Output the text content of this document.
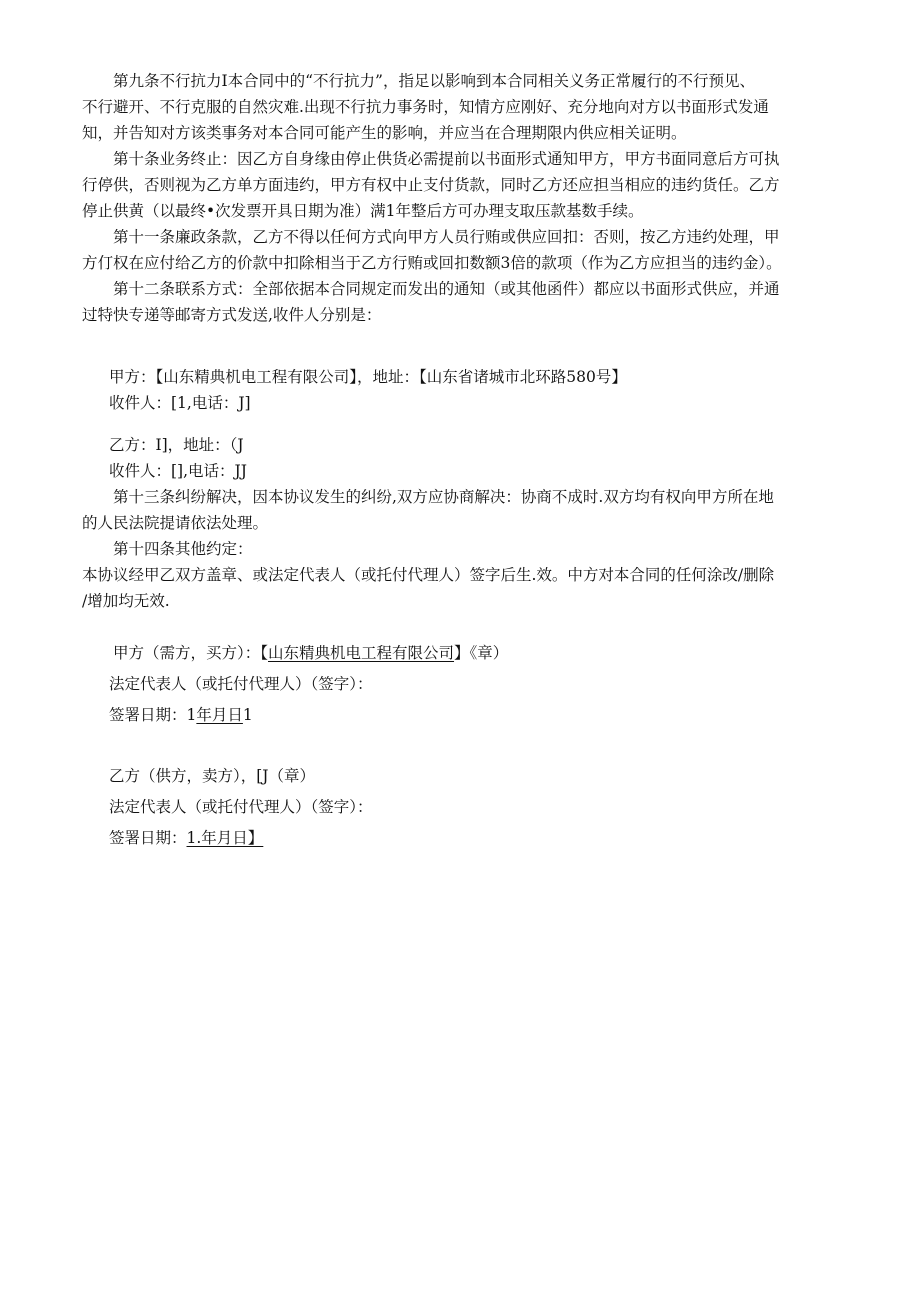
第九条不行抗力I本合同中的“不行抗力”，指足以影响到本合同相关义务正常履行的不行预见、
不行避开、不行克服的自然灾难.出现不行抗力事务时，知情方应刚好、充分地向对方以书面形式发通
知，并告知对方该类事务对本合同可能产生的影响，并应当在合理期限内供应相关证明。
第十条业务终止：因乙方自身缘由停止供货必需提前以书面形式通知甲方，甲方书面同意后方可执
行停供，否则视为乙方单方面违约，甲方有权中止支付货款，同时乙方还应担当相应的违约货任。乙方
停止供黄（以最终•次发票开具日期为准）满1年整后方可办理支取压款基数手续。
第十一条廉政条款，乙方不得以任何方式向甲方人员行贿或供应回扣：否则，按乙方违约处理，甲
方仃权在应付给乙方的价款中扣除相当于乙方行贿或回扣数额3倍的款项（作为乙方应担当的违约金）。
第十二条联系方式：全部依据本合同规定而发出的通知（或其他函件）都应以书面形式供应，并通
过特快专递等邮寄方式发送,收件人分别是：
甲方：【山东精典机电工程有限公司】，地址：【山东省诸城市北环路580号】
收件人：[1,电话：J]
乙方：I]，地址：（J
收件人：[],电话：JJ
第十三条纠纷解决，因本协议发生的纠纷,双方应协商解决：协商不成时.双方均有权向甲方所在地
的人民法院提请依法处理。
第十四条其他约定：
本协议经甲乙双方盖章、或法定代表人（或托付代理人）签字后生.效。中方对本合同的任何涂改/删除
/增加均无效.
甲方（需方，买方）：【山东精典机电工程有限公司】《章）
法定代表人（或托付代理人）（签字）：
签署日期：1年月日1
乙方（供方，卖方），[J（章）
法定代表人（或托付代理人）（签字）：
签署日期：1.年月日】
